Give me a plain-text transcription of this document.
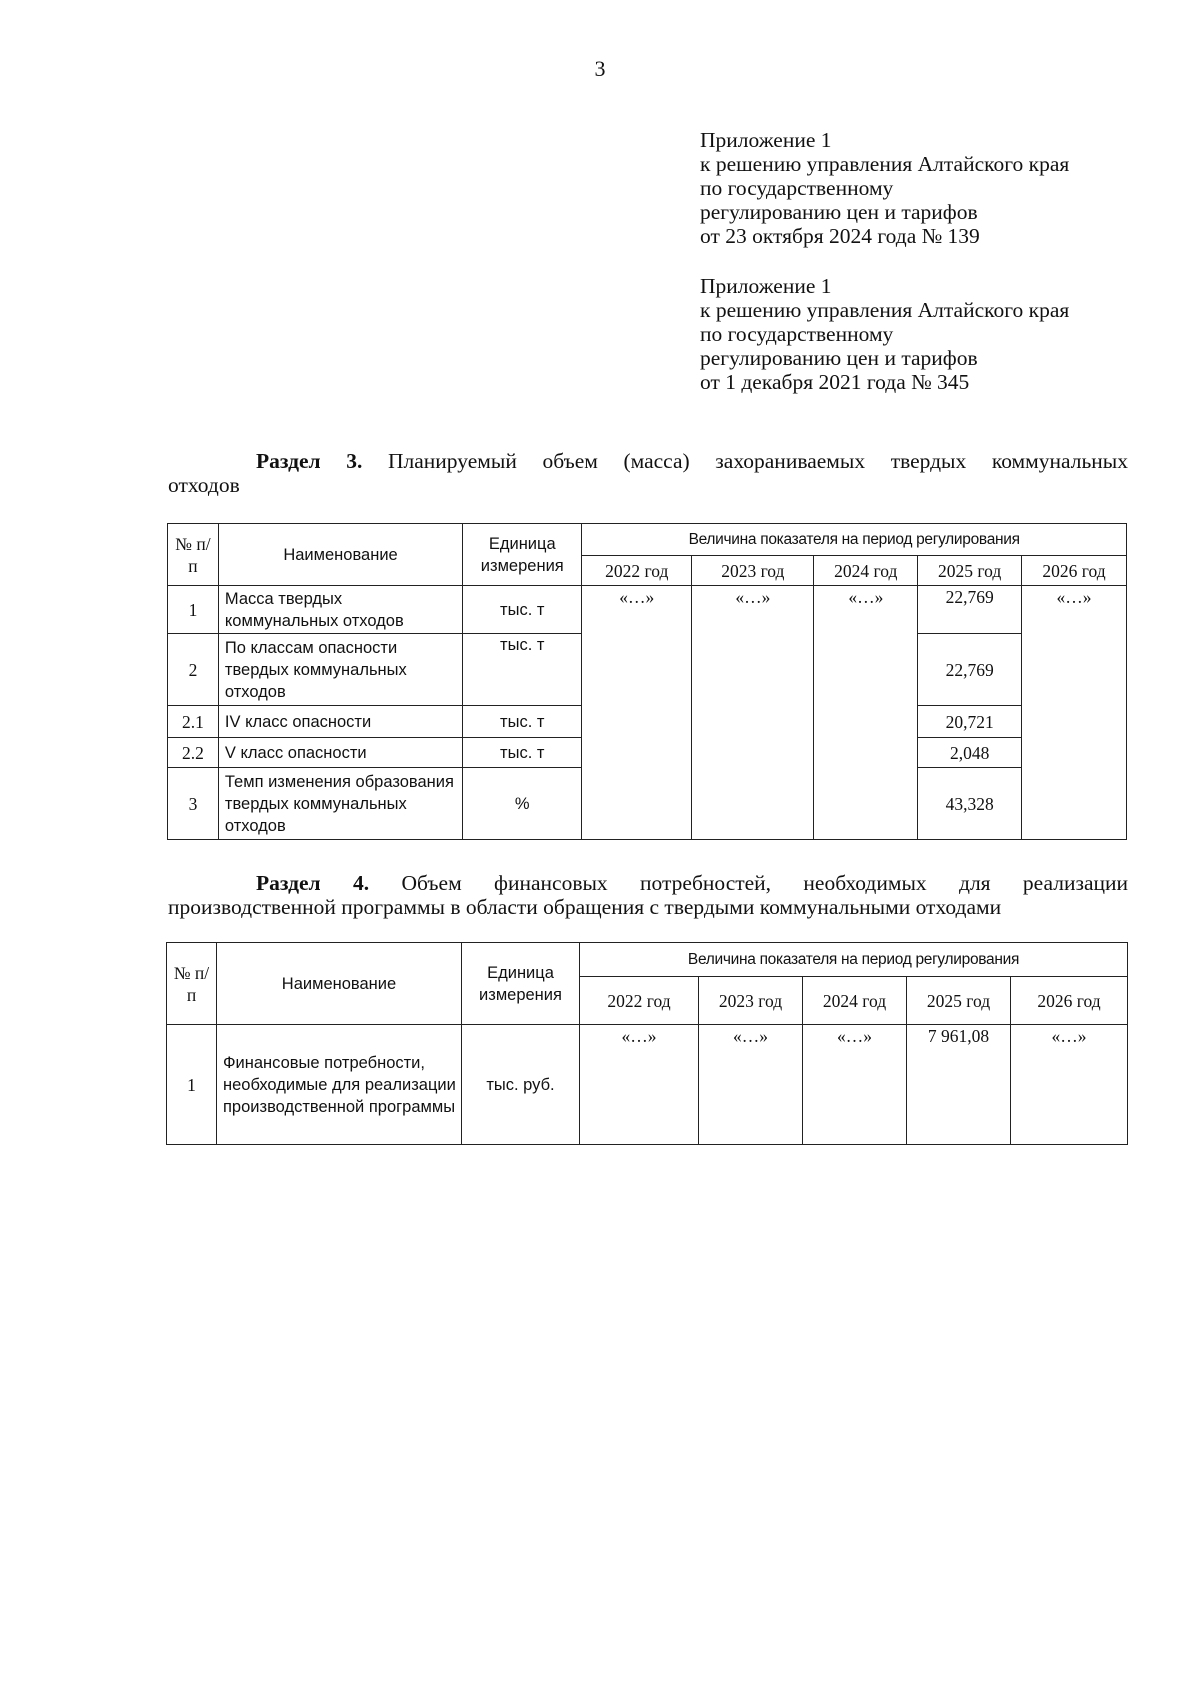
3
Приложение 1
к решению управления Алтайского края
по государственному
регулированию цен и тарифов
от 23 октября 2024 года № 139
Приложение 1
к решению управления Алтайского края
по государственному
регулированию цен и тарифов
от 1 декабря 2021 года № 345
Раздел 3. Планируемый объем (масса) захораниваемых твердых коммунальных
отходов
№ п/п	Наименование	Единица измерения	Величина показателя на период регулирования				
			2022 год	2023 год	2024 год	2025 год	2026 год
1	Масса твердых коммунальных отходов	тыс. т	«…»	«…»	«…»	22,769	«…»
2	По классам опасности твердых коммунальных отходов	тыс. т				22,769	
2.1	IV класс опасности	тыс. т				20,721	
2.2	V класс опасности	тыс. т				2,048	
3	Темп изменения образования твердых коммунальных отходов	%				43,328	
Раздел 4. Объем финансовых потребностей, необходимых для реализации
производственной программы в области обращения с твердыми коммунальными отходами
№ п/ п	Наименование	Единица измерения	Величина показателя на период регулирования				
			2022 год	2023 год	2024 год	2025 год	2026 год
1	Финансовые потребности, необходимые для реализации производственной программы	тыс. руб.	«…»	«…»	«…»	7 961,08	«…»
